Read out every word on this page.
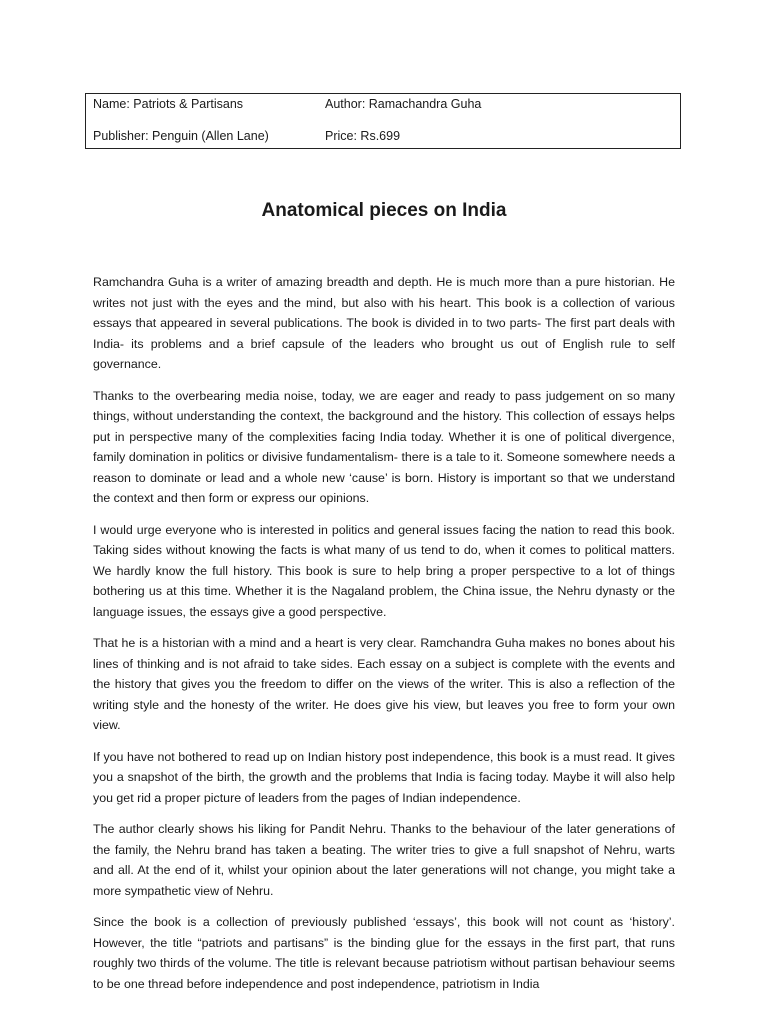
Name: Patriots & Partisans	Author: Ramachandra Guha
Publisher: Penguin (Allen Lane)	Price: Rs.699
Anatomical pieces on India

Ramchandra Guha is a writer of amazing breadth and depth. He is much more than a pure historian. He writes not just with the eyes and the mind, but also with his heart. This book is a collection of various essays that appeared in several publications. The book is divided in to two parts- The first part deals with India- its problems and a brief capsule of the leaders who brought us out of English rule to self governance.

Thanks to the overbearing media noise, today, we are eager and ready to pass judgement on so many things, without understanding the context, the background and the history. This collection of essays helps put in perspective many of the complexities facing India today. Whether it is one of political divergence, family domination in politics or divisive fundamentalism- there is a tale to it. Someone somewhere needs a reason to dominate or lead and a whole new ‘cause’ is born. History is important so that we understand the context and then form or express our opinions.

I would urge everyone who is interested in politics and general issues facing the nation to read this book. Taking sides without knowing the facts is what many of us tend to do, when it comes to political matters. We hardly know the full history. This book is sure to help bring a proper perspective to a lot of things bothering us at this time. Whether it is the Nagaland problem, the China issue, the Nehru dynasty or the language issues, the essays give a good perspective.

That he is a historian with a mind and a heart is very clear. Ramchandra Guha makes no bones about his lines of thinking and is not afraid to take sides. Each essay on a subject is complete with the events and the history that gives you the freedom to differ on the views of the writer. This is also a reflection of the writing style and the honesty of the writer. He does give his view, but leaves you free to form your own view.

If you have not bothered to read up on Indian history post independence, this book is a must read. It gives you a snapshot of the birth, the growth and the problems that India is facing today. Maybe it will also help you get rid a proper picture of leaders from the pages of Indian independence.

The author clearly shows his liking for Pandit Nehru. Thanks to the behaviour of the later generations of the family, the Nehru brand has taken a beating. The writer tries to give a full snapshot of Nehru, warts and all. At the end of it, whilst your opinion about the later generations will not change, you might take a more sympathetic view of Nehru.

Since the book is a collection of previously published ‘essays’, this book will not count as ‘history’. However, the title “patriots and partisans” is the binding glue for the essays in the first part, that runs roughly two thirds of the volume. The title is relevant because patriotism without partisan behaviour seems to be one thread before independence and post independence, patriotism in India
